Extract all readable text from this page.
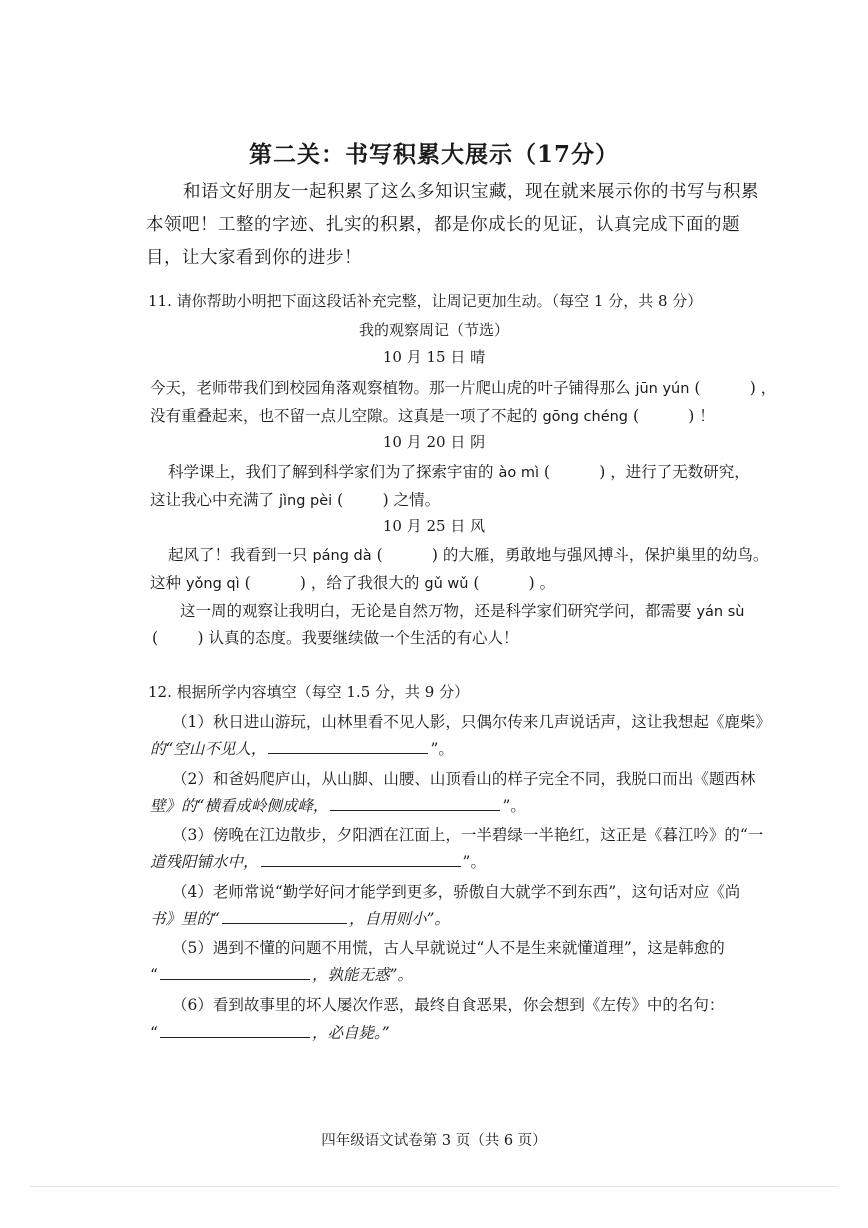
第二关：书写积累大展示（17分）
和语文好朋友一起积累了这么多知识宝藏，现在就来展示你的书写与积累本领吧！工整的字迹、扎实的积累，都是你成长的见证，认真完成下面的题目，让大家看到你的进步！
11. 请你帮助小明把下面这段话补充完整，让周记更加生动。（每空 1 分，共 8 分）
我的观察周记（节选）
10 月 15 日 晴
今天，老师带我们到校园角落观察植物。那一片爬山虎的叶子铺得那么 jūn yún (          ) ，
没有重叠起来，也不留一点儿空隙。这真是一项了不起的 gōng chéng (          ) ！
10 月 20 日 阴
科学课上，我们了解到科学家们为了探索宇宙的 ào mì (          ) ，进行了无数研究，
这让我心中充满了 jìng pèi (        ) 之情。
10 月 25 日 风
起风了！我看到一只 páng dà (          ) 的大雁，勇敢地与强风搏斗，保护巢里的幼鸟。
这种 yǒng qì (          ) ，给了我很大的 gǔ wǔ (          ) 。
这一周的观察让我明白，无论是自然万物，还是科学家们研究学问，都需要 yán sù
(        ) 认真的态度。我要继续做一个生活的有心人！
12. 根据所学内容填空（每空 1.5 分，共 9 分）
（1）秋日进山游玩，山林里看不见人影，只偶尔传来几声说话声，这让我想起《鹿柴》
的“空山不见人，	”。
（2）和爸妈爬庐山，从山脚、山腰、山顶看山的样子完全不同，我脱口而出《题西林
壁》的“横看成岭侧成峰，	”。
（3）傍晚在江边散步，夕阳洒在江面上，一半碧绿一半艳红，这正是《暮江吟》的“一
道残阳铺水中，	”。
（4）老师常说“勤学好问才能学到更多，骄傲自大就学不到东西”，这句话对应《尚
书》里的“	，自用则小”。
（5）遇到不懂的问题不用慌，古人早就说过“人不是生来就懂道理”，这是韩愈的
“	，孰能无惑”。
（6）看到故事里的坏人屡次作恶，最终自食恶果，你会想到《左传》中的名句：
“	，必自毙。”
四年级语文试卷第 3 页（共 6 页）
